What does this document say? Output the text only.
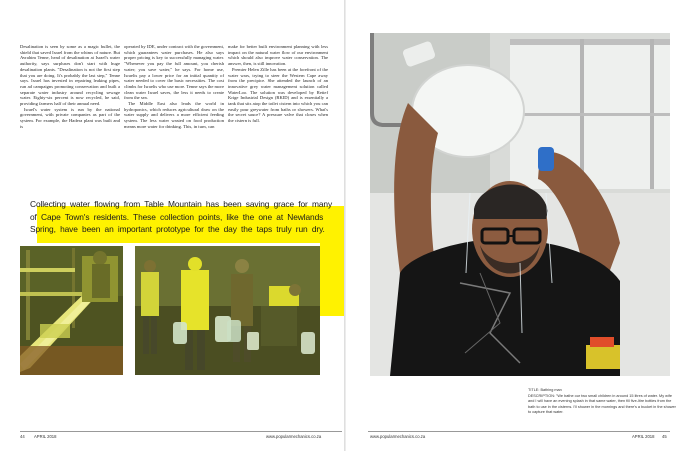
Desalination is seen by some as a magic bullet, the shield that saved Israel from the whims of nature. But Avrahim Tenne, head of desalination at Israel's water authority, says surpluses don't start with huge desalination plants. "Desalination is not the first step that you are doing. It's probably the last step," Tenne says. Israel has invested in repairing leaking pipes, run ad campaigns promoting conservation and built a separate water industry around recycling sewage water. Eighty-six percent is now recycled, he said, providing farmers half of their annual need.

Israel's water system is run by the national government, with private companies as part of the system. For example, the Hadera plant was built and is

operated by IDE, under contract with the government, which guarantees water purchases. He also says proper pricing is key to successfully managing water. "Whenever you pay the full amount, you cherish water; you save water," he says. For home use, Israelis pay a lower price for an initial quantity of water needed to cover the basic necessities. The cost climbs for Israelis who use more. Tenne says the more clean water Israel saves, the less it needs to create from the sea.

The Middle East also leads the world in hydroponics, which reduces agricultural draw on the water supply and delivers a more efficient feeding system. The less water wasted on food production means more water for drinking. This, in turn, can

make for better built environment planning with less impact on the natural water flow of our environment which should also improve water conservation. The answer, then, is still innovation.

Premier Helen Zille has been at the forefront of the water wars, trying to steer the Western Cape away from the precipice. She attended the launch of an innovative grey water management solution called WaterLoo. The solution was developed by Retief Krige Industrial Design (RKID) and is essentially a tank that sits atop the toilet cistern into which you can easily pour greywater from baths or showers. What's the secret sauce? A pressure valve that closes when the cistern is full.

Collecting water flowing from Table Mountain has been saving grace for many of Cape Town's residents. These collection points, like the one at Newlands Spring, have been an important prototype for the day the taps truly run dry.
44 APRIL 2018	www.popularmechanics.co.za
TITLE: Bathing man
DESCRIPTION: "We bathe our two small children in around 15 litres of water. My wife and I will have an evening splash in that same water, then fill five-litre bottles from the bath to use in the cisterns. I'll shower in the mornings and there's a bucket in the shower to capture that water.
www.popularmechanics.co.za	APRIL 2018 45
